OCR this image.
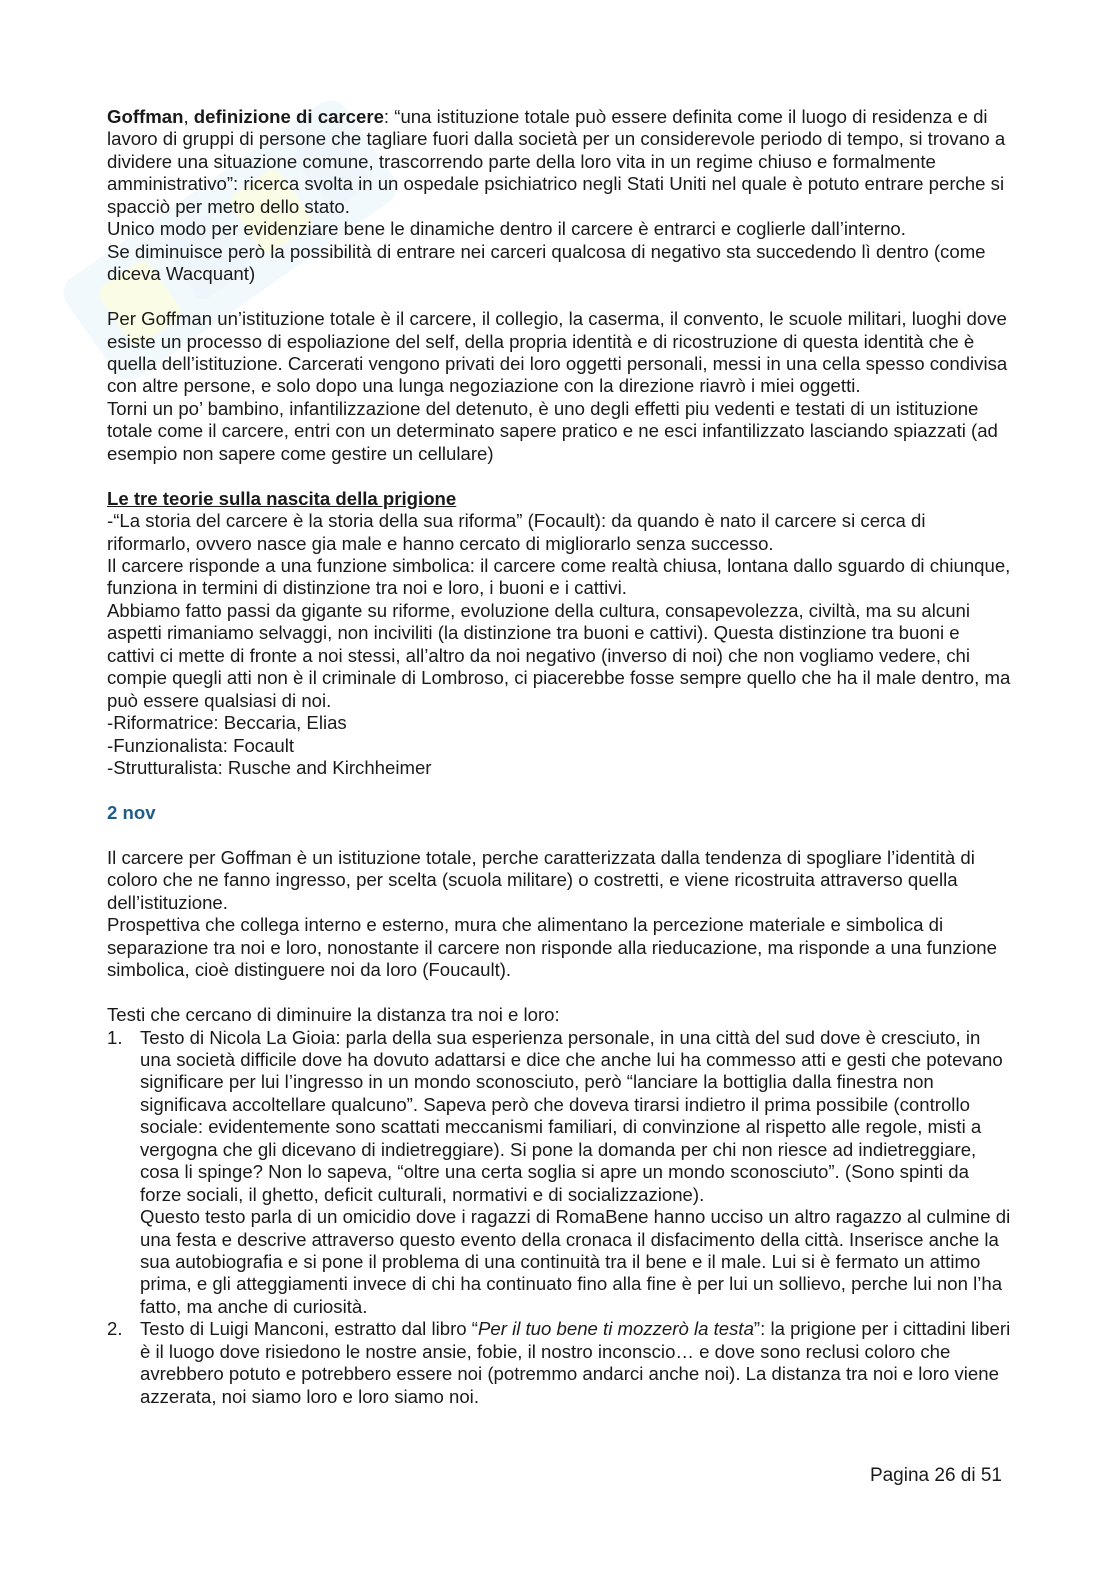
Goffman, definizione di carcere: “una istituzione totale può essere definita come il luogo di residenza e di lavoro di gruppi di persone che tagliare fuori dalla società per un considerevole periodo di tempo, si trovano a dividere una situazione comune, trascorrendo parte della loro vita in un regime chiuso e formalmente amministrativo”: ricerca svolta in un ospedale psichiatrico negli Stati Uniti nel quale è potuto entrare perche si spacciò per metro dello stato.

Unico modo per evidenziare bene le dinamiche dentro il carcere è entrarci e coglierle dall’interno.

Se diminuisce però la possibilità di entrare nei carceri qualcosa di negativo sta succedendo lì dentro (come diceva Wacquant)

Per Goffman un’istituzione totale è il carcere, il collegio, la caserma, il convento, le scuole militari, luoghi dove esiste un processo di espoliazione del self, della propria identità e di ricostruzione di questa identità che è quella dell’istituzione. Carcerati vengono privati dei loro oggetti personali, messi in una cella spesso condivisa con altre persone, e solo dopo una lunga negoziazione con la direzione riavrò i miei oggetti.

Torni un po’ bambino, infantilizzazione del detenuto, è uno degli effetti piu vedenti e testati di un istituzione totale come il carcere, entri con un determinato sapere pratico e ne esci infantilizzato lasciando spiazzati (ad esempio non sapere come gestire un cellulare)

Le tre teorie sulla nascita della prigione

-“La storia del carcere è la storia della sua riforma” (Focault): da quando è nato il carcere si cerca di riformarlo, ovvero nasce gia male e hanno cercato di migliorarlo senza successo.

Il carcere risponde a una funzione simbolica: il carcere come realtà chiusa, lontana dallo sguardo di chiunque, funziona in termini di distinzione tra noi e loro, i buoni e i cattivi.

Abbiamo fatto passi da gigante su riforme, evoluzione della cultura, consapevolezza, civiltà, ma su alcuni aspetti rimaniamo selvaggi, non inciviliti (la distinzione tra buoni e cattivi). Questa distinzione tra buoni e cattivi ci mette di fronte a noi stessi, all’altro da noi negativo (inverso di noi) che non vogliamo vedere, chi compie quegli atti non è il criminale di Lombroso, ci piacerebbe fosse sempre quello che ha il male dentro, ma può essere qualsiasi di noi.

-Riformatrice: Beccaria, Elias

-Funzionalista: Focault

-Strutturalista: Rusche and Kirchheimer

2 nov

Il carcere per Goffman è un istituzione totale, perche caratterizzata dalla tendenza di spogliare l’identità di coloro che ne fanno ingresso, per scelta (scuola militare) o costretti, e viene ricostruita attraverso quella dell’istituzione.

Prospettiva che collega interno e esterno, mura che alimentano la percezione materiale e simbolica di separazione tra noi e loro, nonostante il carcere non risponde alla rieducazione, ma risponde a una funzione simbolica, cioè distinguere noi da loro (Foucault).

Testi che cercano di diminuire la distanza tra noi e loro:

1. Testo di Nicola La Gioia: parla della sua esperienza personale, in una città del sud dove è cresciuto, in una società difficile dove ha dovuto adattarsi e dice che anche lui ha commesso atti e gesti che potevano significare per lui l’ingresso in un mondo sconosciuto, però “lanciare la bottiglia dalla finestra non significava accoltellare qualcuno”. Sapeva però che doveva tirarsi indietro il prima possibile (controllo sociale: evidentemente sono scattati meccanismi familiari, di convinzione al rispetto alle regole, misti a vergogna che gli dicevano di indietreggiare). Si pone la domanda per chi non riesce ad indietreggiare, cosa li spinge? Non lo sapeva, “oltre una certa soglia si apre un mondo sconosciuto”. (Sono spinti da forze sociali, il ghetto, deficit culturali, normativi e di socializzazione).

Questo testo parla di un omicidio dove i ragazzi di RomaBene hanno ucciso un altro ragazzo al culmine di una festa e descrive attraverso questo evento della cronaca il disfacimento della città. Inserisce anche la sua autobiografia e si pone il problema di una continuità tra il bene e il male. Lui si è fermato un attimo prima, e gli atteggiamenti invece di chi ha continuato fino alla fine è per lui un sollievo, perche lui non l’ha fatto, ma anche di curiosità.

2. Testo di Luigi Manconi, estratto dal libro “Per il tuo bene ti mozzerò la testa”: la prigione per i cittadini liberi è il luogo dove risiedono le nostre ansie, fobie, il nostro inconscio… e dove sono reclusi coloro che avrebbero potuto e potrebbero essere noi (potremmo andarci anche noi). La distanza tra noi e loro viene azzerata, noi siamo loro e loro siamo noi.

Pagina 26 di 51
